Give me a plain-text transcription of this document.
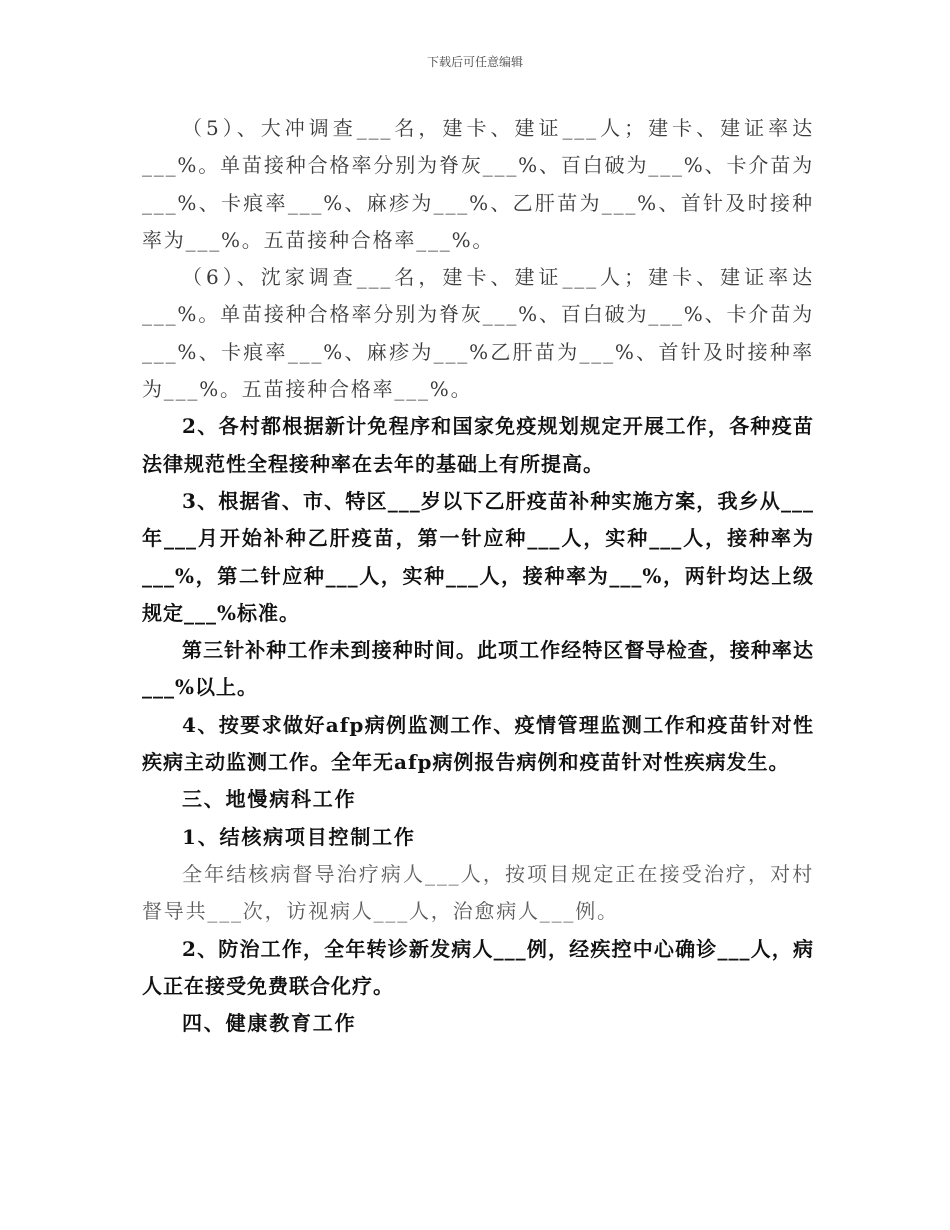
下载后可任意编辑

（5）、大冲调查___名，建卡、建证___人；建卡、建证率达___%。单苗接种合格率分别为脊灰___%、百白破为___%、卡介苗为___%、卡痕率___%、麻疹为___%、乙肝苗为___%、首针及时接种率为___%。五苗接种合格率___%。

（6）、沈家调查___名，建卡、建证___人；建卡、建证率达___%。单苗接种合格率分别为脊灰___%、百白破为___%、卡介苗为___%、卡痕率___%、麻疹为___%乙肝苗为___%、首针及时接种率为___%。五苗接种合格率___%。

2、各村都根据新计免程序和国家免疫规划规定开展工作，各种疫苗法律规范性全程接种率在去年的基础上有所提高。

3、根据省、市、特区___岁以下乙肝疫苗补种实施方案，我乡从___年___月开始补种乙肝疫苗，第一针应种___人，实种___人，接种率为___%，第二针应种___人，实种___人，接种率为___%，两针均达上级规定___%标准。

第三针补种工作未到接种时间。此项工作经特区督导检查，接种率达___%以上。

4、按要求做好afp病例监测工作、疫情管理监测工作和疫苗针对性疾病主动监测工作。全年无afp病例报告病例和疫苗针对性疾病发生。

三、地慢病科工作

1、结核病项目控制工作

全年结核病督导治疗病人___人，按项目规定正在接受治疗，对村督导共___次，访视病人___人，治愈病人___例。

2、防治工作，全年转诊新发病人___例，经疾控中心确诊___人，病人正在接受免费联合化疗。

四、健康教育工作
